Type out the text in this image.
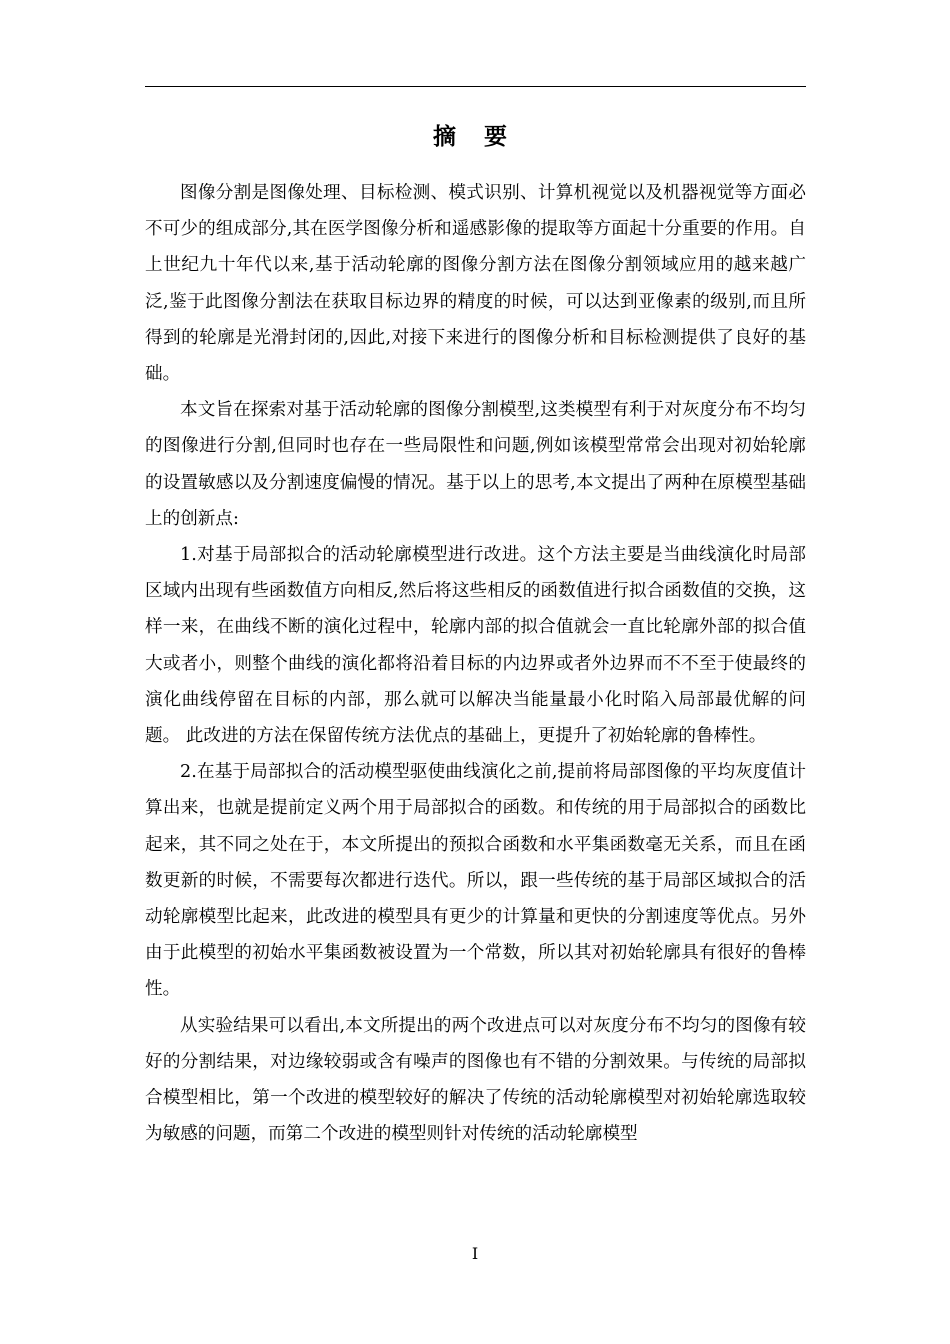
摘 要

图像分割是图像处理、目标检测、模式识别、计算机视觉以及机器视觉等方面必不可少的组成部分,其在医学图像分析和遥感影像的提取等方面起十分重要的作用。自上世纪九十年代以来,基于活动轮廓的图像分割方法在图像分割领域应用的越来越广泛,鉴于此图像分割法在获取目标边界的精度的时候，可以达到亚像素的级别,而且所得到的轮廓是光滑封闭的,因此,对接下来进行的图像分析和目标检测提供了良好的基础。

本文旨在探索对基于活动轮廓的图像分割模型,这类模型有利于对灰度分布不均匀的图像进行分割,但同时也存在一些局限性和问题,例如该模型常常会出现对初始轮廓的设置敏感以及分割速度偏慢的情况。基于以上的思考,本文提出了两种在原模型基础上的创新点:

1.对基于局部拟合的活动轮廓模型进行改进。这个方法主要是当曲线演化时局部区域内出现有些函数值方向相反,然后将这些相反的函数值进行拟合函数值的交换，这样一来，在曲线不断的演化过程中，轮廓内部的拟合值就会一直比轮廓外部的拟合值大或者小，则整个曲线的演化都将沿着目标的内边界或者外边界而不不至于使最终的演化曲线停留在目标的内部，那么就可以解决当能量最小化时陷入局部最优解的问题。 此改进的方法在保留传统方法优点的基础上，更提升了初始轮廓的鲁棒性。

2.在基于局部拟合的活动模型驱使曲线演化之前,提前将局部图像的平均灰度值计算出来，也就是提前定义两个用于局部拟合的函数。和传统的用于局部拟合的函数比起来，其不同之处在于，本文所提出的预拟合函数和水平集函数毫无关系，而且在函数更新的时候，不需要每次都进行迭代。所以，跟一些传统的基于局部区域拟合的活动轮廓模型比起来，此改进的模型具有更少的计算量和更快的分割速度等优点。另外由于此模型的初始水平集函数被设置为一个常数，所以其对初始轮廓具有很好的鲁棒性。

从实验结果可以看出,本文所提出的两个改进点可以对灰度分布不均匀的图像有较好的分割结果，对边缘较弱或含有噪声的图像也有不错的分割效果。与传统的局部拟合模型相比，第一个改进的模型较好的解决了传统的活动轮廓模型对初始轮廓选取较为敏感的问题，而第二个改进的模型则针对传统的活动轮廓模型

I
